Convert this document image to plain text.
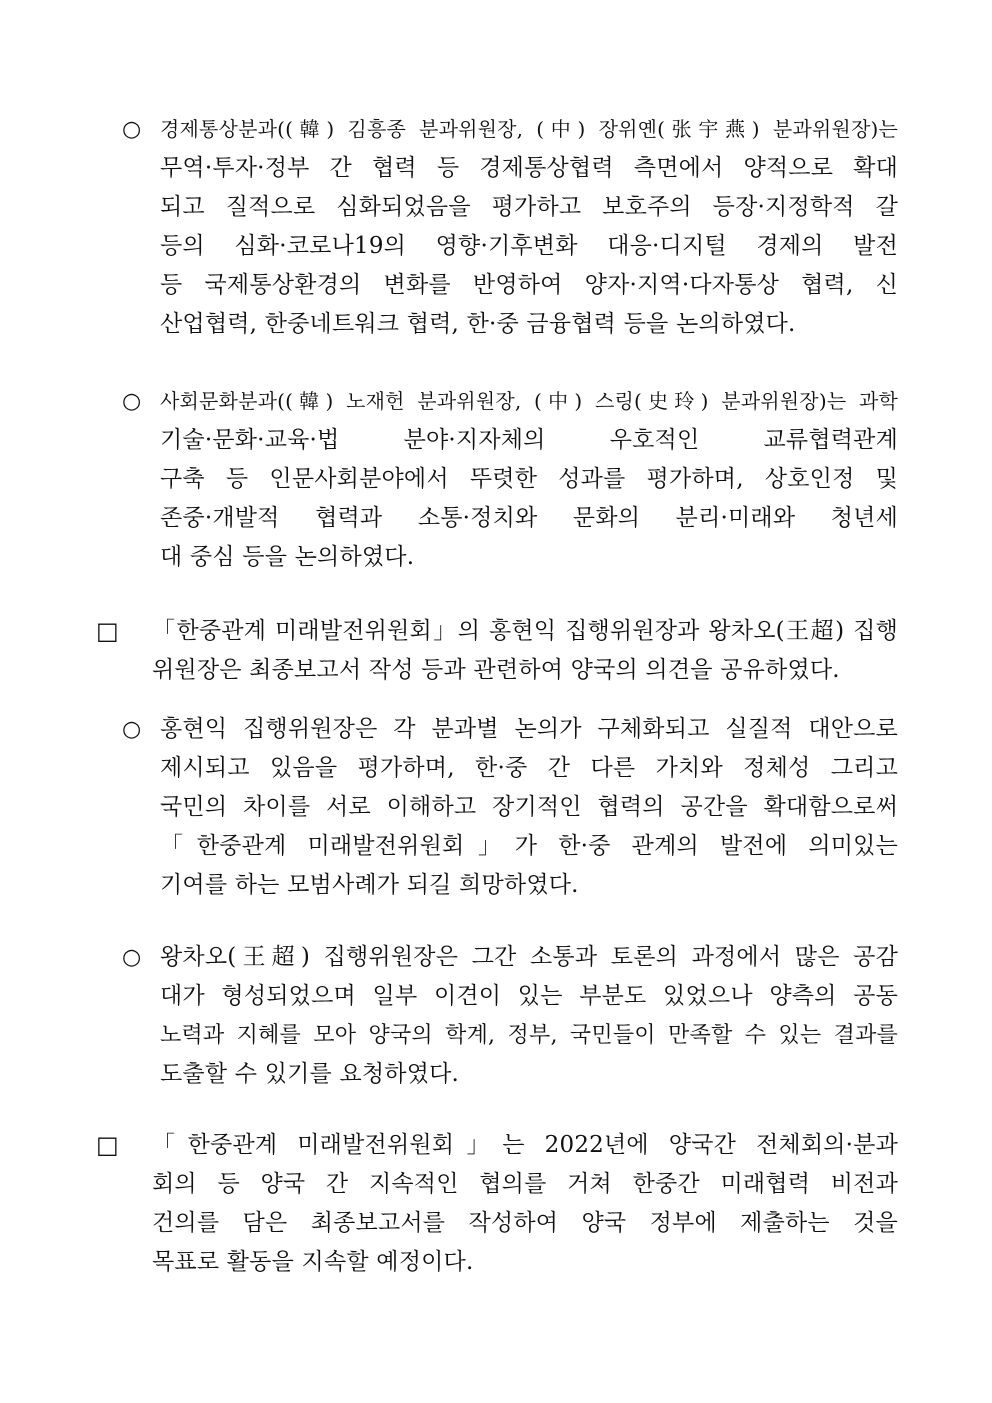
○ 경제통상분과((韓) 김흥종 분과위원장, (中) 장위옌(张宇燕) 분과위원장)는
무역·투자·정부 간 협력 등 경제통상협력 측면에서 양적으로 확대
되고 질적으로 심화되었음을 평가하고 보호주의 등장·지정학적 갈
등의 심화·코로나19의 영향·기후변화 대응·디지털 경제의 발전
등 국제통상환경의 변화를 반영하여 양자·지역·다자통상 협력, 신
산업협력, 한중네트워크 협력, 한·중 금융협력 등을 논의하였다.
○ 사회문화분과((韓) 노재헌 분과위원장, (中) 스링(史玲) 분과위원장)는 과학
기술·문화·교육·법 분야·지자체의 우호적인 교류협력관계
구축 등 인문사회분야에서 뚜렷한 성과를 평가하며, 상호인정 및
존중·개발적 협력과 소통·정치와 문화의 분리·미래와 청년세
대 중심 등을 논의하였다.
□	「한중관계 미래발전위원회」의 홍현익 집행위원장과 왕차오(王超) 집행
위원장은 최종보고서 작성 등과 관련하여 양국의 의견을 공유하였다.
○ 홍현익 집행위원장은 각 분과별 논의가 구체화되고 실질적 대안으로
제시되고 있음을 평가하며, 한·중 간 다른 가치와 정체성 그리고
국민의 차이를 서로 이해하고 장기적인 협력의 공간을 확대함으로써
「한중관계 미래발전위원회」가 한·중 관계의 발전에 의미있는
기여를 하는 모범사례가 되길 희망하였다.
○ 왕차오(王超) 집행위원장은 그간 소통과 토론의 과정에서 많은 공감
대가 형성되었으며 일부 이견이 있는 부분도 있었으나 양측의 공동
노력과 지혜를 모아 양국의 학계, 정부, 국민들이 만족할 수 있는 결과를
도출할 수 있기를 요청하였다.
□	「한중관계 미래발전위원회」는 2022년에 양국간 전체회의·분과
회의 등 양국 간 지속적인 협의를 거쳐 한중간 미래협력 비전과
건의를 담은 최종보고서를 작성하여 양국 정부에 제출하는 것을
목표로 활동을 지속할 예정이다.
